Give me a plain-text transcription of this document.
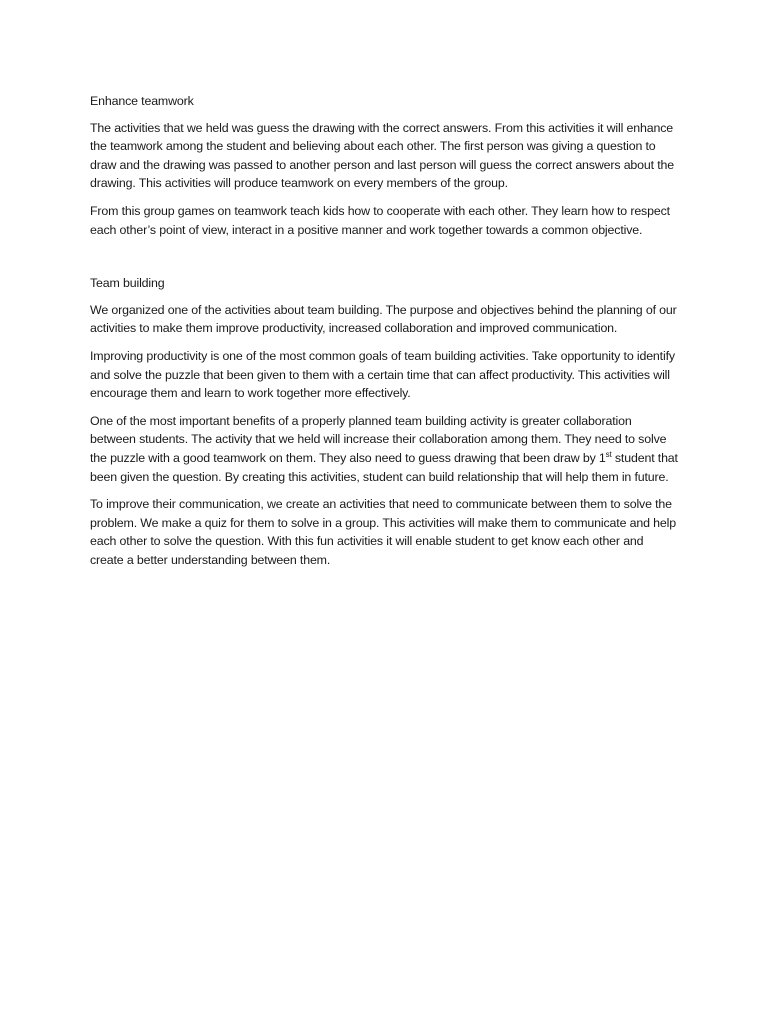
Enhance teamwork

The activities that we held was guess the drawing with the correct answers. From this activities it will enhance the teamwork among the student and believing about each other. The first person was giving a question to draw and the drawing was passed to another person and last person will guess the correct answers about the drawing. This activities will produce teamwork on every members of the group.

From this group games on teamwork teach kids how to cooperate with each other. They learn how to respect each other’s point of view, interact in a positive manner and work together towards a common objective.

Team building

We organized one of the activities about team building. The purpose and objectives behind the planning of our activities to make them improve productivity, increased collaboration and improved communication.

Improving productivity is one of the most common goals of team building activities. Take opportunity to identify and solve the puzzle that been given to them with a certain time that can affect productivity. This activities will encourage them and learn to work together more effectively.

One of the most important benefits of a properly planned team building activity is greater collaboration between students. The activity that we held will increase their collaboration among them. They need to solve the puzzle with a good teamwork on them. They also need to guess drawing that been draw by 1st student that been given the question. By creating this activities, student can build relationship that will help them in future.

To improve their communication, we create an activities that need to communicate between them to solve the problem. We make a quiz for them to solve in a group. This activities will make them to communicate and help each other to solve the question. With this fun activities it will enable student to get know each other and create a better understanding between them.
